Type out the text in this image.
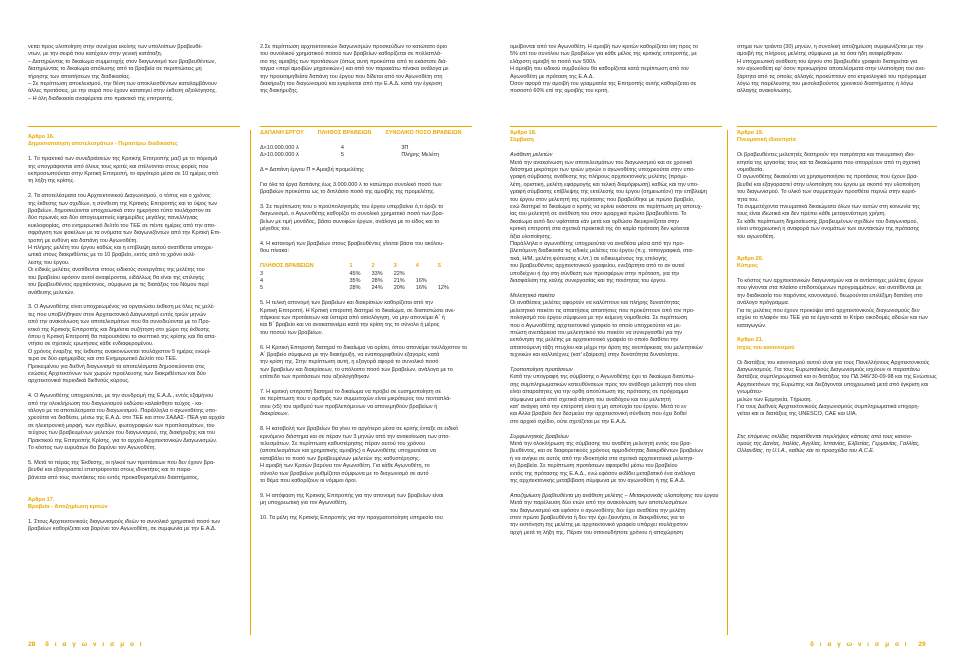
νεται προς υλοποίηση στην συνέχεια εκείνης των υπολοίπων βραβευθέ-

ντων, με την σειρά που κατέχουν στην γενική κατάταξη.

– Διατηρώντας το δικαίωμα συμμετοχής στον διαγωνισμό των βραβευθέντων,

διατηρώντας το δικαίωμα απόλυσης από τα βραβεία σε περιπτώσεις μη

τήρησης των απαιτήσεων της διαδικασίας.

– Σε περίπτωση αποκλεισμού, την θέση των αποκλεισθέντων καταλαμβάνουν

άλλες προτάσεις, με την σειρά που έχουν κατατεγεί στην έκθεση αξιολόγησης.

– Η όλη διαδικασία αναφέρεται στο πρακτικό της επιτροπής.

Άρθρο 16.

Δημοσιοποίηση αποτελεσμάτων - Περαιτέρω διαδικασίες

1. Το πρακτικό των συνεδριάσεων της Κριτικής Επιτροπής μαζί με το πόρισμά

της υπογράφονται από όλους τους κριτές και στέλνονται στους φορείς που

εκπροσωπούνται στην Κριτική Επιτροπή, το αργότερο μέσα σε 10 ημέρες από

τη λήξη της κρίσης.

2. Τα αποτελέσματα του Αρχιτεκτονικού Διαγωνισμού, ο τόπος και ο χρόνος

της έκθεσης των σχεδίων, η σύνθεση της Κριτικής Επιτροπής και το ύψος των

βραβείων, δημοσιεύονται υποχρεωτικά στον ημερήσιο τύπο τουλάχιστον σε

δύο πρωινές και δύο απογευματινές εφημερίδες μεγάλης πανελλήνιας

κυκλοφορίας, στο ενημερωτικό δελτίο του ΤΕΕ σε πέντε ημέρες από την απο-

σφράγιση των φακέλων με τα ονόματα των διαγωνιζόντων από την Κριτική Επι-

τροπή με ευθύνη και δαπάνη του Αγωνοθέτη.

Η πλήρης μελέτη του έργου καθώς και η επιβλεψη αυτού ανατίθεται υποχρε-

ωτικά στους διακριθέντες με το 10 βραβείο, εκτός από το χρόνο εκλέ-

λεσης του έργου.

Οι ειδικές μελέτες ανατίθενται στους ειδικούς συνεργάτες της μελέτης του

του βραβείου εφόσον αυτοί αναφέρονται, ειδάλλως θα είναι της επιλογής

του βραβευθέντος αρχιτέκτονος, σύμφωνα με τις διατάξεις του Νόμου περί

ανάθεσης μελετών.

3. Ο Αγωνοθέτης είναι υποχρεωμένος να οργανώσει έκθεση με όλες τις μελέ-

τες που υποβλήθηκαν στον Αρχιτεκτονικό Διαγωνισμό εντός τριών μηνών

από την ανακοίνωση των αποτελεσμάτων που θα συνοδεύονται με το Προ-

κτικό της Κριτικής Επιτροπής και δημόσια συζήτηση στο χώρο της έκθεσης

όπου η Κριτική Επιτροπή θα παρουσιάσει το σκεπτικό της κρίσης και θα απα-

ντήσει σε σχετικές ερωτήσεις κάθε ενδιαφερομένου.

Ο χρόνος έναρξης της έκθεσης ανακοινώνεται τουλάχιστον 5 ημέρες ενωρί-

τερα σε δύο εφημερίδες και στο Ενημερωτικό Δελτίο του ΤΕΕ.

Προκειμένου για διεθνή διαγωνισμό τα αποτελέσματα δημοσιεύονται στις

ενώσεις Αρχιτεκτόνων των χωρών προέλευσης των διακριθέντων και δύο

αρχιτεκτονικά περιοδικά διεθνούς κύρους.

4. Ο Αγωνοθέτης υποχρεούται, με την συνδρομή της Ε.Α.Δ., εντός εξαμήνου

από την ολοκλήρωση του διαγωνισμού εκδώσει καλαίσθητο τεύχος - κα-

τάλογο με τα αποτελέσματα του διαγωνισμού. Παράλληλα ο αγωνοθέτης υπο-

χρεούται να διαθέσει, μέσω της Ε.Α.Δ. στο ΤΕΕ και στον ΣΑΔΑΣ- ΠΕΑ για αρχεία

σε ηλεκτρονική μορφή, των σχεδίων, φωτογραφιών των προπλασμάτων, του

τεύχους των βραβευμένων μελετών του διαγωνισμού, της διακήρυξης και του

Πρακτικού της Επιτροπής Κρίσης, για το αρχείο Αρχιτεκτονικών Διαγωνισμών.

Το κόστος των ευρυάτων θα βαρύνει τον Αγωνοθέτη.

5. Μετά το πέρας της Έκθεσης, οι ηλικοί των προτάσεων που δεν έχουν βρα-

βευθεί και εξαγοραστεί επιστρέφονται στους ιδιοκτήτες και το παρα-

βάνεται από τους συντάκτες του εντός προκαθορισμένου διαστήματος.

Άρθρο 17.

Βραβεία - Αποζημίωση κριτών

1. Στους Αρχιτεκτονικούς διαγωνισμούς ιδεών το συνολικό χρηματικό ποσό των

βραβείων καθορίζεται και βαρύνει τον Αγωνοθέτη, σε συμφωνία με την Ε.Α.Δ.

2.Σε περίπτωση αρχιτεκτονικών διαγωνισμών προσκεύδων το κατώτατο όριο

του συνολικού χρηματικού ποσού των βραβείων καθορίζεται σε πολλαπλά-

σιο της αμοιβής των προτάσεων (όπως αυτή προκύπτει από το εκάστοτε διά-

ταγμα «περί αμοιβών μηχανικών») και από τον παρακάτω πίνακα ανάλογα με

την προεκτιμηθείσα δαπάνη του έργου που δίδεται από τον Αγωνοθέτη στη

διακήρυξη του διαγωνισμού και εγκρίνεται από την Ε.Α.Δ. κατά την έγκριση

της διακήρυξης.

ΔΑΠΑΝΗ ΕΡΓΟΥ	ΠΛΗΘΟΣ ΒΡΑΒΕΙΩΝ	ΣΥΝΟΛΙΚΟ ΠΟΣΟ ΒΡΑΒΕΙΩΝ
Δ<10.000.000 λ	4	3Π
Δ>10.000.000 λ	5	Πλήρης Μελέτη

Δ = Δαπάνη έργου Π = Αμοιβή προμελέτης

Για όλα τα έργα δαπάνης έως 3.000.000 λ το κατώτερο συνολικό ποσό των

βραβείων προκύπτει ως το διπλάσιο ποσό της αμοιβής της προμελέτης.

3. Σε περίπτωση που ο προϋπολογισμός του έργου υπερβαίνει ό,τι όριζε το

διαγωνισμό, ο Αγωνοθέτης καθορίζει το συνολικό χρηματικό ποσό των βρα-

βείων με τιμή μονάδος, βάσει συνοφών έργων, ανάλογα με το είδος και το

μέγεθος του.

4. Η κατανομή των βραβείων στους βραβευθέντες γίνεται βάσει του ακόλου-

θου πίνακα:

ΠΛΗΘΟΣ ΒΡΑΒΕΙΩΝ	1	2	3	4	5
3	45%	33%	22%		
4	35%	28%	21%	16%	
5	28%	24%	20%	16%	12%

5. Η τελική απονομή των βραβείων και διακρίσεων καθορίζεται από την

Κριτική Επιτροπή. Η Κριτική επιτροπή διατηρεί το δικαίωμα, σε διαπιστώσει ανε-

πάρκεια των προτάσεων και ύστερα από αιτιολόγηση, να μην απονείμει Α΄ ή

και Β΄ βραβείο και να ανακατανείμει κατά την κρίση της το σύνολο ή μέρος

του ποσού των βραβείων.

6. Η Κριτική Επιτροπή διατηρεί το δικαίωμα να ορίσει, όπου απονείμει τουλάχιστον το

Α΄ βραβείο σύμφωνα με την διακήρυξη, να εναπορριφθούν εξαγορές κατά

την κρίση της. Στην περίπτωση αυτή, η εξαγορά αφορά το συνολικό ποσό

των βραβείων και διακρίσεων, το υπόλοιπο ποσό των βραβείων, ανάλογα με το

επίπεδο των προτάσεων που αξιολογήθηκαν.

7. Η κριτική επιτροπή διατηρεί το δικαίωμα να προβεί σε ευσημοποίηση σε

σε περίπτωση που ο αριθμός των συμμετοχών είναι μικρότερος του πενταπλά-

σιου (x5) του αριθμού των προβλεπόμενων να απονεμηθούν βραβείων ή

διακρίσεων.

8. Η καταβολή των βραβείων θα γίνει το αργότερο μέσα σε κριτής ένταξε σε ειδικό

κρινόμενο διάστημα και σε πέραν των 3 μηνών από την ανακοίνωση των απο-

τελεσμάτων. Σε περίπτωση καθυστέρησης πέραν αυτού του χρόνου

(αποτελεσμάτων και χρηματικής αμοιβής) ο Αγωνοθέτης υποχρεούται να

καταβάλει το ποσό των βραβευμένων μελετών της καθυστέρησης.

Η αμοιβή των Κριτών βαρύνει τον Αγωνοθέτη. Για κάθε Αγωνοθέτη, το

σύνολο των βραβείων ρυθμίζεται σύμφωνα με το διαγωνισμό σε αυτό

το θέμα που καθορίζουν οι νόμιμοι όροι.

9. Η απόφαση της Κριτικής Επιτροπής για την απονομή των βραβείων είναι

μη υποχρεωτική για τον Αγωνοθέτη.

10. Τα μέλη της Κριτικής Επιτροπής για την πραγματοποίηση υπηρεσία του

ομείβονται από τον Αγωνοθέτη. Η αμοιβή των κριτών καθορίζεται ίση προς το

5% επί του συνόλου των βραβείων για κάθε μέλος της κριτικής επιτροπής, με

ελάχιστη αμοιβή το ποσό των 500λ.

Η αμοιβή του ειδικού συμβούλου θα καθορίζεται κατά περίπτωση από τον

Αγωνοθέτη με πρόταση της Ε.Α.Δ.

Όσον αφορά την αμοιβή του γραμματέα της Επιτροπής αυτής καθορίζεται σε

ποσοστό 60% επί της αμοιβής του κριτή.

Άρθρο 18.

Σύμβαση

Ανάθεση μελετών

Μετά την ανακοίνωση των αποτελεσμάτων του διαγωνισμού και σε χρονικό

διάστημα μικρότερο των τριών μηνών ο αγωνοθέτης υποχρεούται στην υπο-

γραφή σύμβασης ανάθεσης της πλήρους αρχιτεκτονικής μελέτης (προμε-

λέτη, οριστική, μελέτη εφαρμογής και τελική διαμόρφωση) καθώς και την υπο-

γραφή σύμβασης επίβλεψης της εκτέλεσής του έργου (σημειωτέον) την επίβλεψη

του έργου στον μελετητή της πρότασης που βραβεύθηκε με πρώτο βραβείο,

ενώ διατηρεί το δικαίωμα ο κριτής να κρίνει εκάστοτε σε περίπτωση μη αποτυχ-

ίας του μελετητή σε ανάθεση του στον ιεραρχικά πρώτο βραβευθέντα. Το

δικαίωμα αυτό δεν υφίσταται εάν μετά και ορθώσει διευκρινίζεται στην

κριτική επιτροπή στα σχετικά πρακτικά της ότι καμία πρόταση δεν κρίνεται

άξια υλοποίησης.

Παράλληλα ο αγωνοθέτης υποχρεούται να αναθέσει μέσα από την προ-

βλεπόμενη διαδικασία τις ειδικές μελέτες του έργου (π.χ. τοπογραφικά, στα-

τικά, Η/Μ, μελέτη φύτευσης κ.λπ.) σε ειδικευμένους της επιλογής

του βραβευθέντος αρχιτεκτονικού γραφείου, ενεξάρτητα από το αν αυτοί

υποδείχνει ή όχι στη σύνθεση των προσφέρων στην πρόταση, για την

διασφάλιση της καλής συνεργασίας και της ποιότητας του έργου.

Μελετητικό πακέτο

Οι αναθέσεις μελέτες αφορούν να καλύπτουν και πλήρης δυνατότητας

μελετητικό πακέτο τις απαιτήσεις απαιτήσεις που προκύπτουν από τον προ-

πολογισμό του έργου σύμφωνα με την κείμενη νομοθεσία. Σε περίπτωση

που ο Αγωνοθέτης αρχιτεκτονικό γραφείο το οποίο υποχρεούται να με-

πτώση ανεπάρκεια του μελετητικού του πακέτο να συνεργασθεί για την

εκπόνηση της μελέτης με αρχιτεκτονικό γραφείο το οποίο διαθέτει την

απαιτούμενη τάξη πτυχίου και μέχρι την άρση της ανεπάρκειας του μελετητικών

τεχνικών και καλλιτέχνες (κατ' εξαίρεση) στην δυνατότητα δυνατότητα.

Τροποποίηση προτάσεων

Κατά την υπογραφή της σύμβασης ο Αγωνοθέτης έχει το δικαίωμα διατύπω-

σης συμπληρωματικών κατευθύνσεων προς τον ανάδοχο μελετητή που είναι

είναι απαραίτητες για την ορθή αποτύπωση της πρότασης σε πρόγραμμα

σύμφωνα μετά από σχετικά αίτηση του αναδόχου και του μελετητή

κατ' ανάγκη από την επιτροπή είναι η μη αποτυχία του έργου. Μετά το εν

και Αλλα βραβείο δεν δεσμεύει την αρχιτεκτονική σύνθεση που έχει δοθεί

στο αρχικό σχέδιο, ούτε σχετίζεται με την Ε.Α.Δ.

Συμφωνητικές βραβείων

Μετά την ολοκλήρωση της σύμβασης του αναθέτη μελετητή εντός του βρα-

βευθέντος, και σε διαφορετικούς χρόνους αρμοδιότητας διακριθέντων βραβείων

ή να ανήκει σε αυτός από την ιδιοκτησία στα σχετικά αρχιτεκτονικά μελετητι-

κή βραβεία. Σε περίπτωση προτάσεων αφαιρεθεί μέσω του βραβείου

εντός της πρότασης της Ε.Α.Δ., ενώ εφόσον εκδίδει μεταβατικό ένα ανάλογα

της αρχιτεκτονικής μεταβίβαση σύμφωνα με τον αγωνοθέτη ή της Ε.Α.Δ.

Αποζημίωση βραβευθέντα μη ανάθεση μελέτης – Μετακρονικάς υλοποίησης του έργου

Μετά την παρέλευση δύο ετών από την ανακοίνωση των αποτελεσμάτων

του διαγωνισμού και εφόσον ο αγωνοθέτης δεν έχει αναθέσει την μελέτη

στον πρώτο βραβευθέντα ή δεν την έχει ξεκινήσει, οι διακριθέντες για το

την εκπόνηση της μελέτης με αρχιτεκτονικό γραφείο υπάρχει τουλάχιστον

αρχή μετά τη λήξη της. Πέραν του οποιουδήποτε χρόνου ή αποχώρηση

στημα των τριάντα (30) μηνών, η συνολική αποζημίωση συμφωνίζεται με την

αμοιβή της πλήρους μελέτης σύμφωνα με τα όσα ήδη αναφέρθηκαν.

Η υποχρεωτική ανάθεση του έργου στο βραβευθέν γραφείο διατηρείται για

τον αγωνοθέτη εφ' όσον προκωρήσει αποτελέσματα στην υλοποίηση του ανε-

ξάρτητα από τις οποίες αλλαγές προκύπτουν στο κτιριολογικό του πρόγραμμα

λόγω της παρέλευσης του μεσολαβούντος χρονικού διαστήματος ή λόγω

αλλαγής ανακοίνωσης.

Άρθρο 19.

Πνευματική ιδιοκτησία

Οι βραβευθέντες μελετητές διατηρούν την πατρότητα και πνευματική ιδιο-

κτησία της εργασίας τους και τα δικαιώματα που απορρέουν από τη σχετική

νομοθεσία.

Ο αγωνοθέτης δικαιούται να χρησιμοποιήσει τις προτάσεις που έχουν βρα-

βευθεί και εξαγοραστεί στην υλοποίηση του έργου με σκοπό την υλοποίηση

του διαγωνισμού. Το υλικό των συμμετοχών προσθέτει περνώ στην κυριό-

τητα του.

Τα συμμετέχοντα πνευματικά δικαιώματα όλων των αυτών στη κοινωνία της

τους είναι ιδιωτικά και δεν πρέπει κάθε μεταγενέστερη χρήση.

Σε κάθε περίπτωση δημοσίευσης βραβευμένων σχεδίων του διαγωνισμού,

είναι υποχρεωτική η αναφορά των ονομάτων των συντακτών της πρότασης

του αγωνοθέτη.

Άρθρο 20.

Κύπρος

Το κόστος των αρχιτεκτονικών διαγωνισμών και οι αντίστοιχες μελέτες έργων

που γίνονται στα πλαίσιο επιδοτούμενων προγραμμάτων, και ανατίθενται με

την διαδικασία του παρόντος κανονισμού, θεωρούνται επιλέξιμη δαπάνη στο

ανάλογο πρόγραμμα.

Για τις μελέτες που έχουν προκύψει από αρχιτεκτονικούς διαγωνισμούς δεν

ισχύει το πλαφόν του ΤΕΕ για τα έργα κατά το Κτίριο οικοδομές αδειών και των

καταγωγών.

Άρθρο 21.

Ισχύς του κανονισμού

Οι διατάξεις του κανονισμού αυτού είναι για τους Πανελλήνιους Αρχιτεκτονικούς

Διαγωνισμούς. Για τους Ευρωπαϊκούς Διαγωνισμούς ισχύουν οι παραπάνω

διατάξεις συμπληρωματικά και οι διατάξεις του ΠΔ 346/'30-09-98 και της Ενώσεως

Αρχιτεκτόνων της Ευρώπης και διεξάγονται υποχρεωτικά μετά από έγκριση και γνωμάτευ-

μελών των Ερμηνεία, Τήρωση.

Για τους Διεθνείς Αρχιτεκτονικούς Διαγωνισμούς συμπληρωματικά επιχορη-

γείται και οι διατάξεις της UNESCO, CAE και UIA.

Στις επόμενες σελίδες παρατίθενται περιλήψεις κάποιες από τους κανονι-

σμούς της Δανίας, Ιταλίας, Αγγλίας, Ισπανίας, Ελβετίας, Γερμανίας, Γαλλίας,

Ολλανδίας, τη U.I.A., καθώς και το προσχέδιο του A.C.E.

28 δ ι α γ ω ν ι σ μ ο ί	δ ι α γ ω ν ι σ μ ο ί 29
